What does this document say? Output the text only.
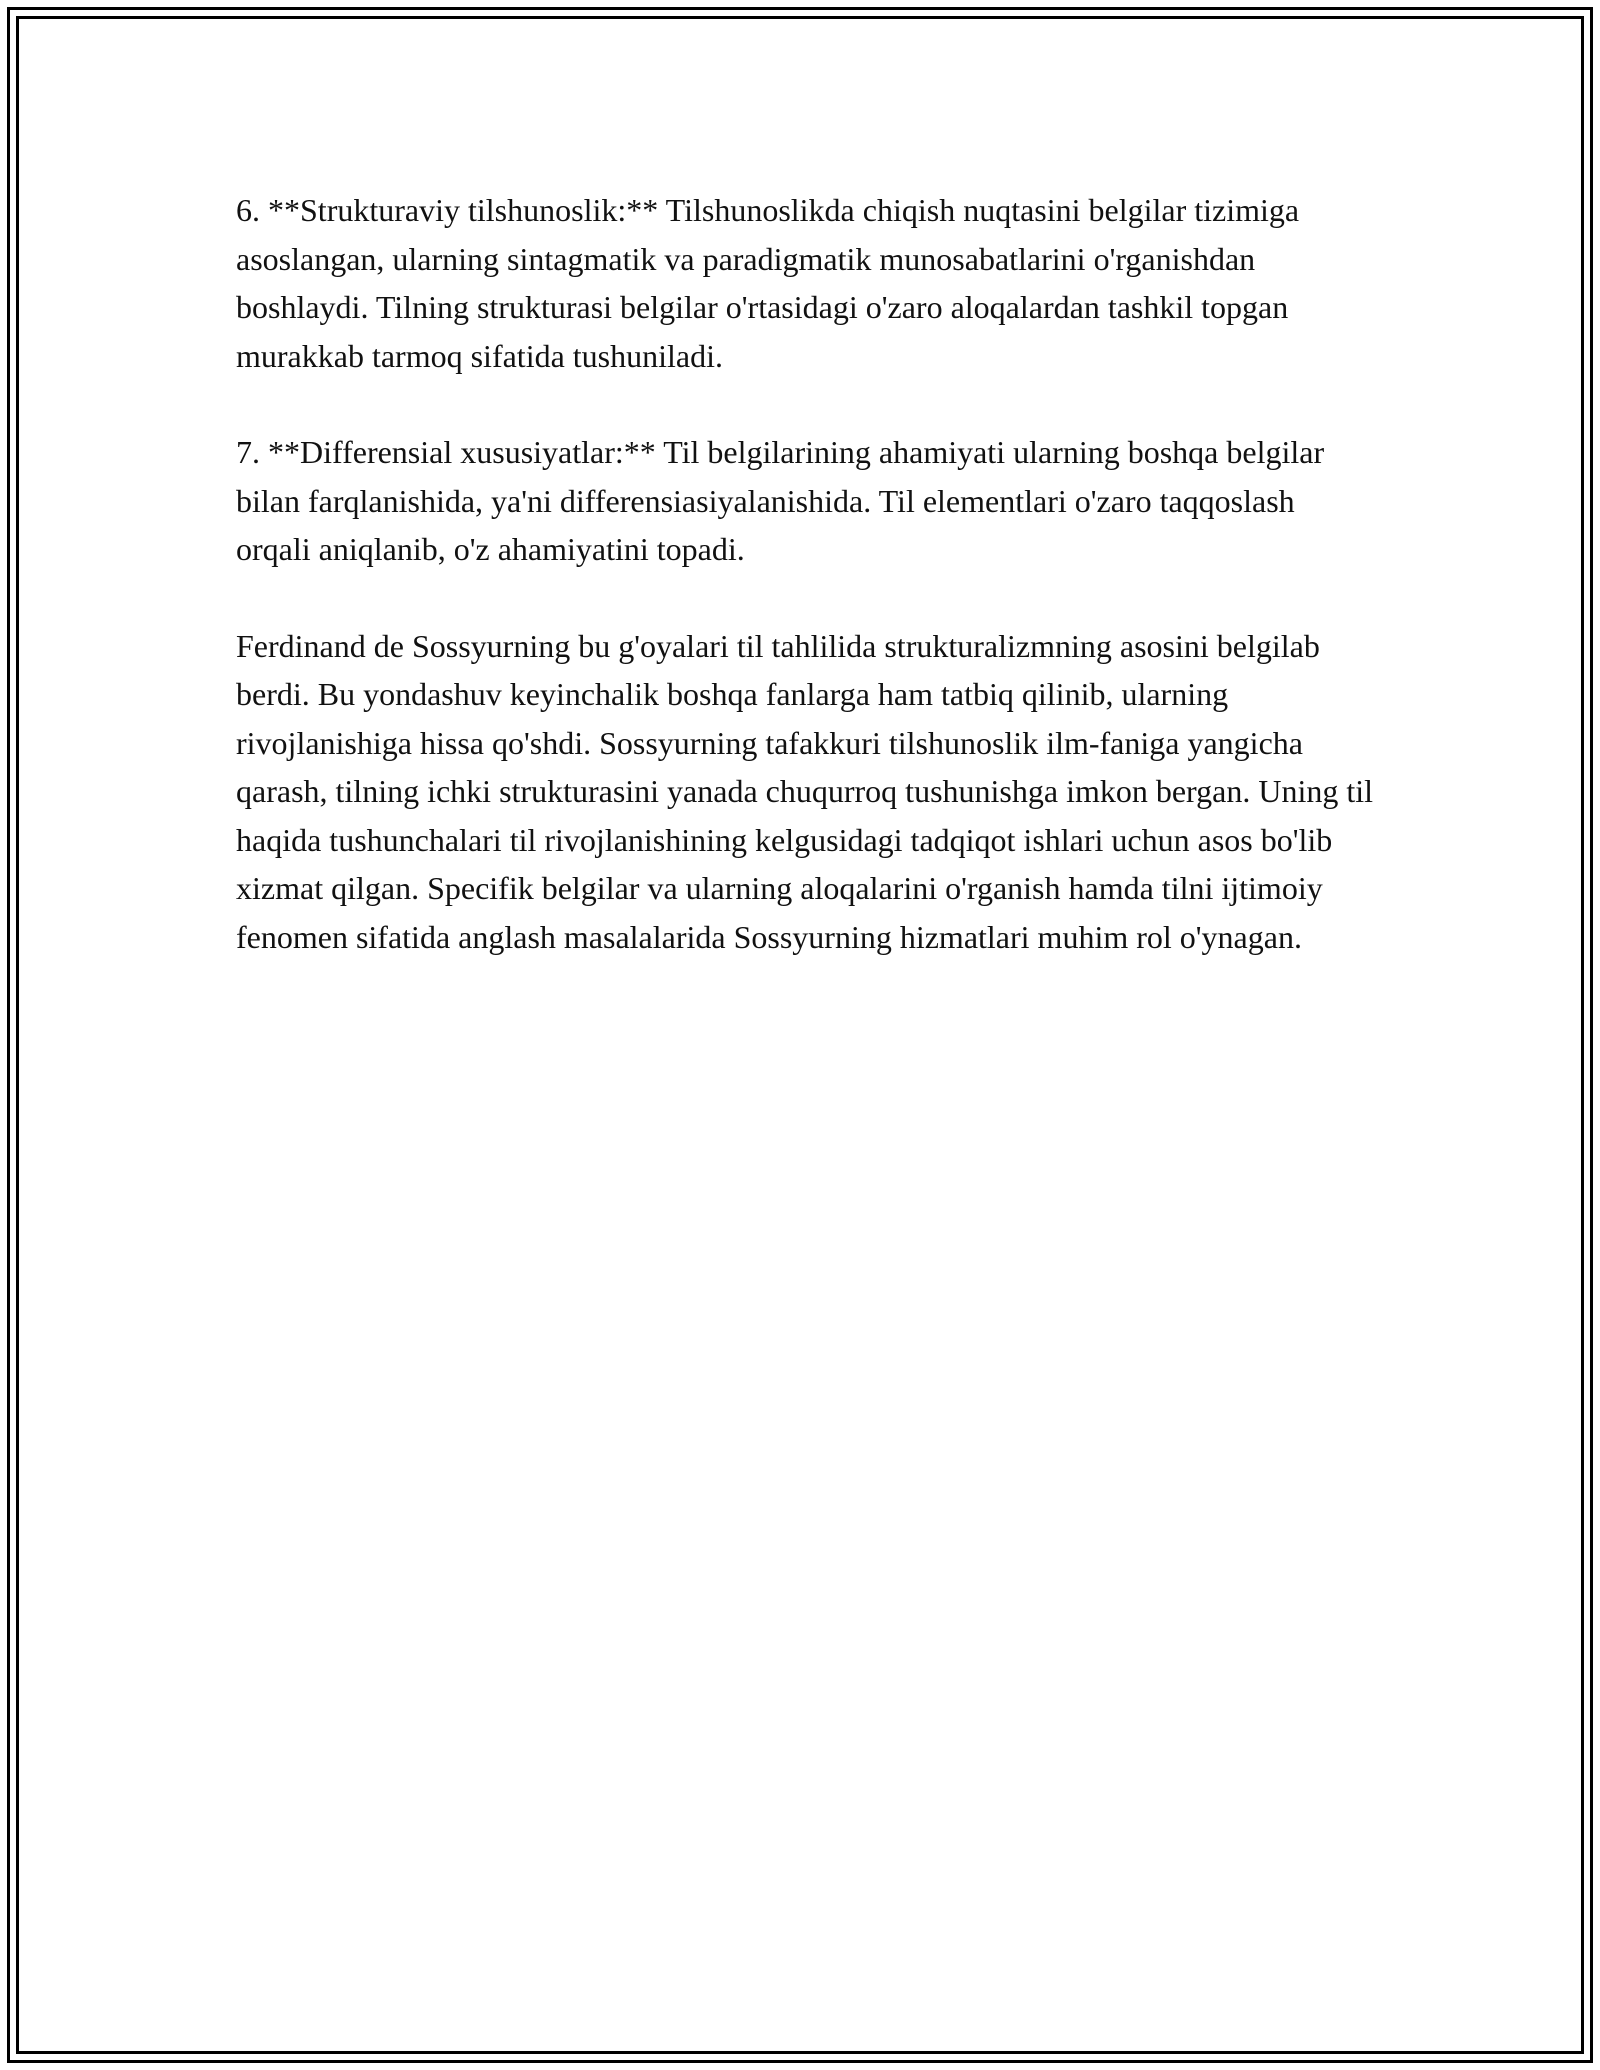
6. **Strukturaviy tilshunoslik:** Tilshunoslikda chiqish nuqtasini belgilar tizimiga asoslangan, ularning sintagmatik va paradigmatik munosabatlarini o'rganishdan boshlaydi. Tilning strukturasi belgilar o'rtasidagi o'zaro aloqalardan tashkil topgan murakkab tarmoq sifatida tushuniladi.

7. **Differensial xususiyatlar:** Til belgilarining ahamiyati ularning boshqa belgilar bilan farqlanishida, ya'ni differensiasiyalanishida. Til elementlari o'zaro taqqoslash orqali aniqlanib, o'z ahamiyatini topadi.

Ferdinand de Sossyurning bu g'oyalari til tahlilida strukturalizmning asosini belgilab berdi. Bu yondashuv keyinchalik boshqa fanlarga ham tatbiq qilinib, ularning rivojlanishiga hissa qo'shdi. Sossyurning tafakkuri tilshunoslik ilm-faniga yangicha qarash, tilning ichki strukturasini yanada chuqurroq tushunishga imkon bergan. Uning til haqida tushunchalari til rivojlanishining kelgusidagi tadqiqot ishlari uchun asos bo'lib xizmat qilgan. Specifik belgilar va ularning aloqalarini o'rganish hamda tilni ijtimoiy fenomen sifatida anglash masalalarida Sossyurning hizmatlari muhim rol o'ynagan.
